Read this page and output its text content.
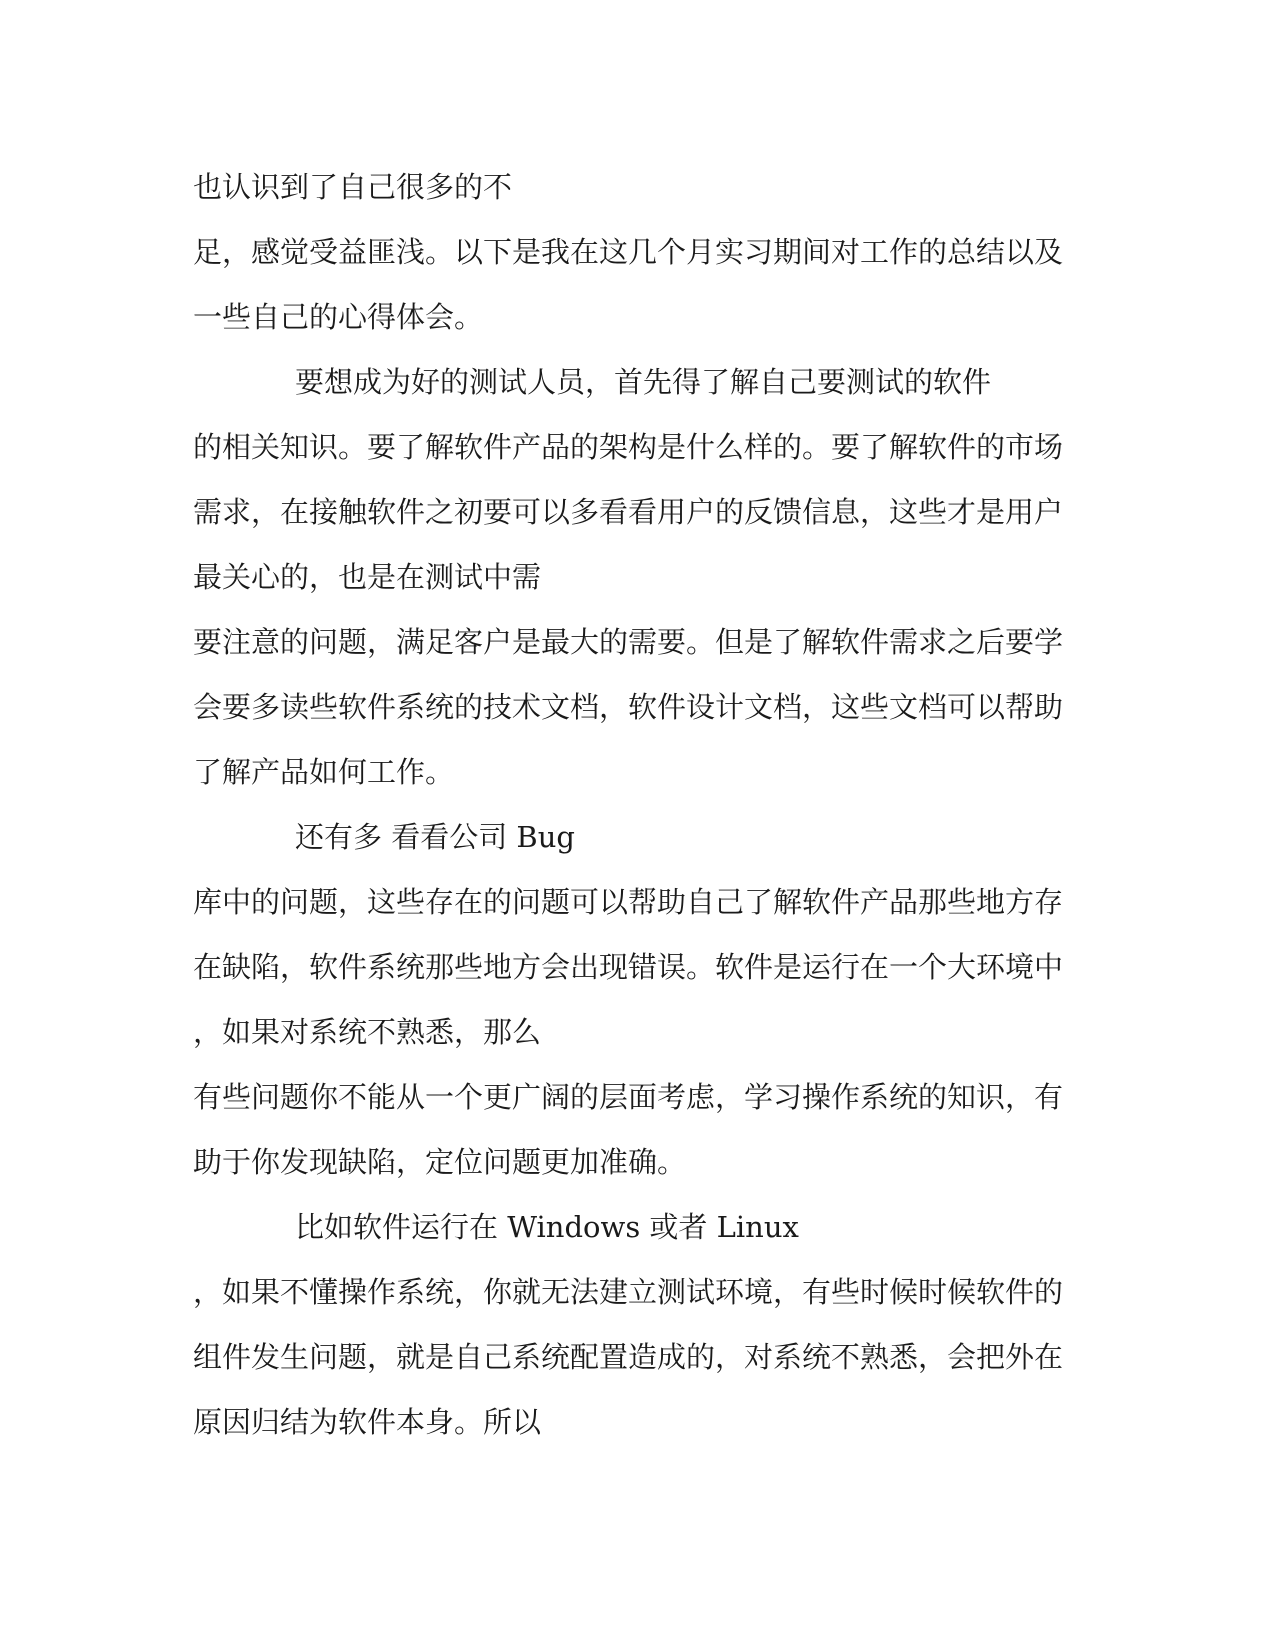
也认识到了自己很多的不
足，感觉受益匪浅。以下是我在这几个月实习期间对工作的总结以及
一些自己的心得体会。
要想成为好的测试人员，首先得了解自己要测试的软件
的相关知识。要了解软件产品的架构是什么样的。要了解软件的市场
需求，在接触软件之初要可以多看看用户的反馈信息，这些才是用户
最关心的，也是在测试中需
要注意的问题，满足客户是最大的需要。但是了解软件需求之后要学
会要多读些软件系统的技术文档，软件设计文档，这些文档可以帮助
了解产品如何工作。
还有多 看看公司 Bug
库中的问题，这些存在的问题可以帮助自己了解软件产品那些地方存
在缺陷，软件系统那些地方会出现错误。软件是运行在一个大环境中
，如果对系统不熟悉，那么
有些问题你不能从一个更广阔的层面考虑，学习操作系统的知识，有
助于你发现缺陷，定位问题更加准确。
比如软件运行在 Windows 或者 Linux
，如果不懂操作系统，你就无法建立测试环境，有些时候时候软件的
组件发生问题，就是自己系统配置造成的，对系统不熟悉，会把外在
原因归结为软件本身。所以
